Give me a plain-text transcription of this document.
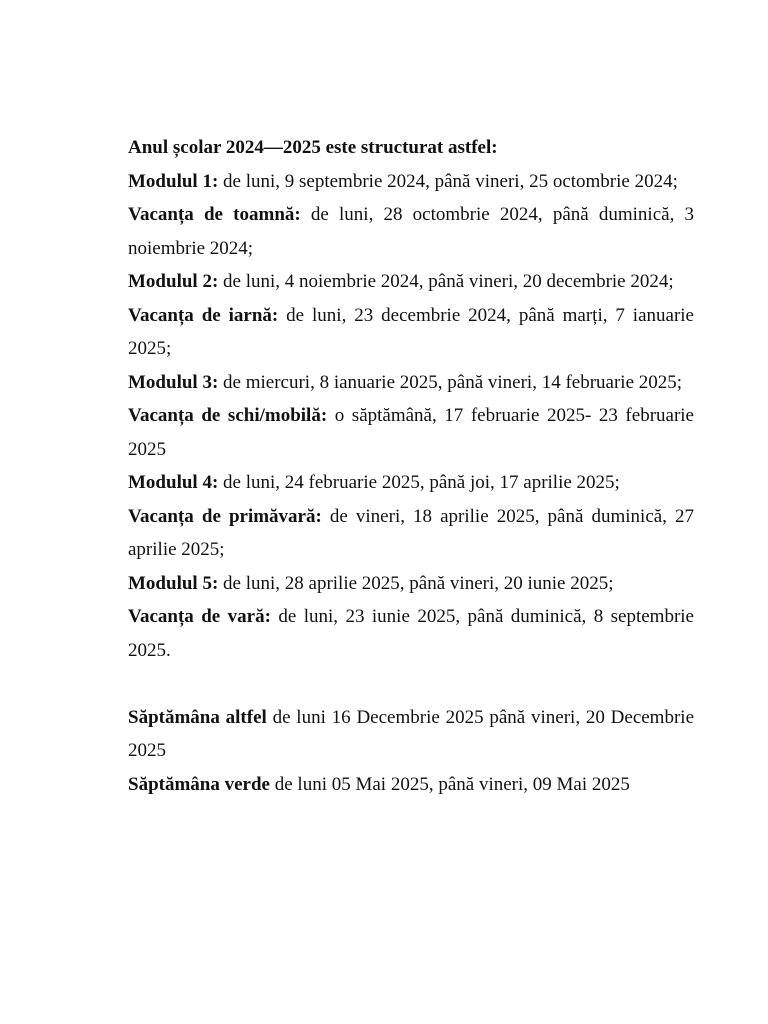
Anul școlar 2024—2025 este structurat astfel:

Modulul 1: de luni, 9 septembrie 2024, până vineri, 25 octombrie 2024;

Vacanța de toamnă: de luni, 28 octombrie 2024, până duminică, 3 noiembrie 2024;

Modulul 2: de luni, 4 noiembrie 2024, până vineri, 20 decembrie 2024;

Vacanța de iarnă: de luni, 23 decembrie 2024, până marți, 7 ianuarie 2025;

Modulul 3: de miercuri, 8 ianuarie 2025, până vineri, 14 februarie 2025;

Vacanța de schi/mobilă: o săptămână, 17 februarie 2025- 23 februarie 2025

Modulul 4: de luni, 24 februarie 2025, până joi, 17 aprilie 2025;

Vacanța de primăvară: de vineri, 18 aprilie 2025, până duminică, 27 aprilie 2025;

Modulul 5: de luni, 28 aprilie 2025, până vineri, 20 iunie 2025;

Vacanța de vară: de luni, 23 iunie 2025, până duminică, 8 septembrie 2025.

Săptămâna altfel de luni 16 Decembrie 2025 până vineri, 20 Decembrie 2025

Săptămâna verde de luni 05 Mai 2025, până vineri, 09 Mai 2025
